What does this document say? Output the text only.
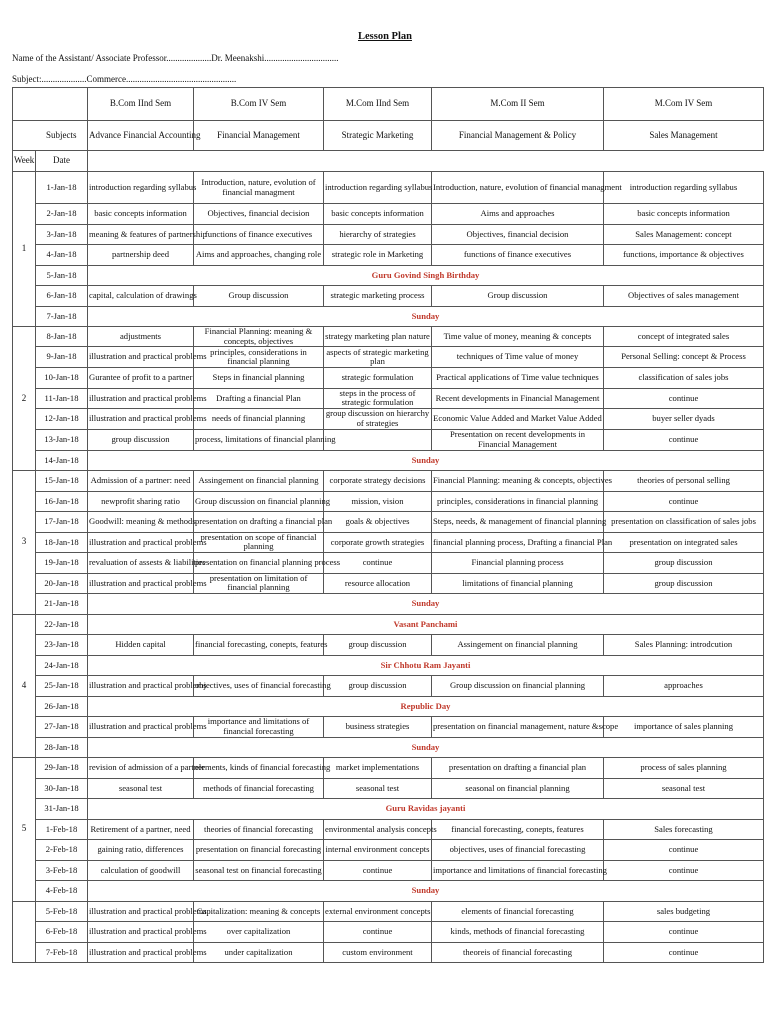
Lesson Plan
Name of the Assistant/ Associate Professor....................Dr. Meenakshi.................................
Subject:....................Commerce.................................................
		B.Com IInd Sem	B.Com IV Sem	M.Com IInd Sem	M.Com II Sem	M.Com IV Sem
	Subjects	Advance Financial Accounting	Financial Management	Strategic Marketing	Financial Management & Policy	Sales Management
Week	Date					
1	1-Jan-18	introduction regarding syllabus	Introduction, nature, evolution of financial managment	introduction regarding syllabus	Introduction, nature, evolution of financial managment	introduction regarding syllabus
	2-Jan-18	basic concepts information	Objectives, financial decision	basic concepts information	Aims and approaches	basic concepts information
	3-Jan-18	meaning & features of partnership	functions of finance executives	hierarchy of strategies	Objectives, financial decision	Sales Management: concept
	4-Jan-18	partnership deed	Aims and approaches, changing role	strategic role in Marketing	functions of finance executives	functions, importance & objectives
	5-Jan-18	Guru Govind Singh Birthday				
	6-Jan-18	capital, calculation of drawings	Group discussion	strategic marketing process	Group discussion	Objectives of sales management
	7-Jan-18	Sunday				
2	8-Jan-18	adjustments	Financial Planning: meaning & concepts, objectives	strategy marketing plan nature	Time value of money, meaning & concepts	concept of integrated sales
	9-Jan-18	illustration and practical problems	principles, considerations in financial planning	aspects of strategic marketing plan	techniques of Time value of money	Personal Selling: concept & Process
	10-Jan-18	Gurantee of profit to a partner	Steps in financial planning	strategic formulation	Practical applications of Time value techniques	classification of sales jobs
	11-Jan-18	illustration and practical problems	Drafting a financial Plan	steps in the process of strategic formulation	Recent developments in Financial Management	continue
	12-Jan-18	illustration and practical problems	needs of financial planning	group discussion on hierarchy of strategies	Economic Value Added and Market Value Added	buyer seller dyads
	13-Jan-18	group discussion	process, limitations of financial planning		Presentation on recent developments in Financial Management	continue
	14-Jan-18	Sunday				
3	15-Jan-18	Admission of a partner: need	Assingement on financial planning	corporate strategy decisions	Financial Planning: meaning & concepts, objectives	theories of personal selling
	16-Jan-18	newprofit sharing ratio	Group discussion on financial planning	mission, vision	principles, considerations in financial planning	continue
	17-Jan-18	Goodwill: meaning & methods	presentation on drafting a financial plan	goals & objectives	Steps, needs, & management of financial planning	presentation on classification of sales jobs
	18-Jan-18	illustration and practical problems	presentation on scope of financial planning	corporate growth strategies	financial planning process, Drafting a financial Plan	presentation on integrated sales
	19-Jan-18	revaluation of assests & liabilities	presentation on financial planning process	continue	Financial planning process	group discussion
	20-Jan-18	illustration and practical problems	presentation on limitation of financial planning	resource allocation	limitations of financial planning	group discussion
	21-Jan-18	Sunday				
4	22-Jan-18	Vasant Panchami				
	23-Jan-18	Hidden capital	financial forecasting, conepts, features	group discussion	Assingement on financial planning	Sales Planning: introdcution
	24-Jan-18	Sir Chhotu Ram Jayanti				
	25-Jan-18	illustration and practical problems	objectives, uses of financial forecasting	group discussion	Group discussion on financial planning	approaches
	26-Jan-18	Republic Day				
	27-Jan-18	illustration and practical problems	importance and limitations of financial forecasting	business strategies	presentation on financial management, nature &scope	importance of sales planning
	28-Jan-18	Sunday				
5	29-Jan-18	revision of admission of a partner	elements, kinds of financial forecasting	market implementations	presentation on drafting a financial plan	process of sales planning
	30-Jan-18	seasonal test	methods of financial forecasting	seasonal test	seasonal on financial planning	seasonal test
	31-Jan-18	Guru Ravidas jayanti				
	1-Feb-18	Retirement of a partner, need	theories of financial forecasting	environmental analysis concepts	financial forecasting, conepts, features	Sales forecasting
	2-Feb-18	gaining ratio, differences	presentation on financial forecasting	internal environment concepts	objectives, uses of financial forecasting	continue
	3-Feb-18	calculation of goodwill	seasonal test on financial forecasting	continue	importance and limitations of financial forecasting	continue
	4-Feb-18	Sunday				
	5-Feb-18	illustration and practical problems	Capitalization: meaning & concepts	external environment concepts	elements of financial forecasting	sales budgeting
	6-Feb-18	illustration and practical problems	over capitalization	continue	kinds, methods of financial forecasting	continue
	7-Feb-18	illustration and practical problems	under capitalization	custom environment	theoreis of financial forecasting	continue
